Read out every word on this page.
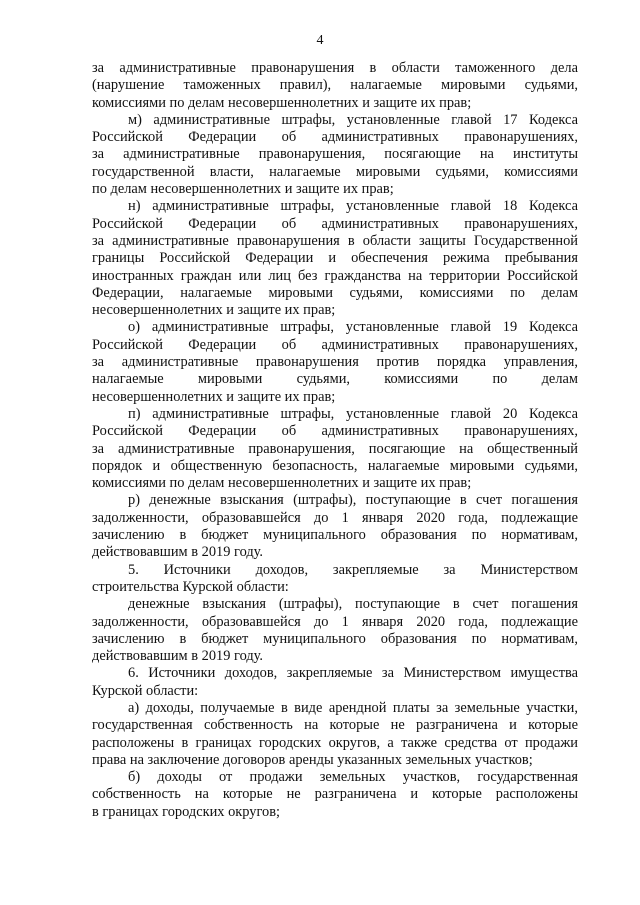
4
за административные правонарушения в области таможенного дела
(нарушение таможенных правил), налагаемые мировыми судьями,
комиссиями по делам несовершеннолетних и защите их прав;
м) административные штрафы, установленные главой 17 Кодекса
Российской Федерации об административных правонарушениях,
за административные правонарушения, посягающие на институты
государственной власти, налагаемые мировыми судьями, комиссиями
по делам несовершеннолетних и защите их прав;
н) административные штрафы, установленные главой 18 Кодекса
Российской Федерации об административных правонарушениях,
за административные правонарушения в области защиты Государственной
границы Российской Федерации и обеспечения режима пребывания
иностранных граждан или лиц без гражданства на территории Российской
Федерации, налагаемые мировыми судьями, комиссиями по делам
несовершеннолетних и защите их прав;
о) административные штрафы, установленные главой 19 Кодекса
Российской Федерации об административных правонарушениях,
за административные правонарушения против порядка управления,
налагаемые мировыми судьями, комиссиями по делам
несовершеннолетних и защите их прав;
п) административные штрафы, установленные главой 20 Кодекса
Российской Федерации об административных правонарушениях,
за административные правонарушения, посягающие на общественный
порядок и общественную безопасность, налагаемые мировыми судьями,
комиссиями по делам несовершеннолетних и защите их прав;
р) денежные взыскания (штрафы), поступающие в счет погашения
задолженности, образовавшейся до 1 января 2020 года, подлежащие
зачислению в бюджет муниципального образования по нормативам,
действовавшим в 2019 году.
5. Источники доходов, закрепляемые за Министерством
строительства Курской области:
денежные взыскания (штрафы), поступающие в счет погашения
задолженности, образовавшейся до 1 января 2020 года, подлежащие
зачислению в бюджет муниципального образования по нормативам,
действовавшим в 2019 году.
6. Источники доходов, закрепляемые за Министерством имущества
Курской области:
а) доходы, получаемые в виде арендной платы за земельные участки,
государственная собственность на которые не разграничена и которые
расположены в границах городских округов, а также средства от продажи
права на заключение договоров аренды указанных земельных участков;
б) доходы от продажи земельных участков, государственная
собственность на которые не разграничена и которые расположены
в границах городских округов;
